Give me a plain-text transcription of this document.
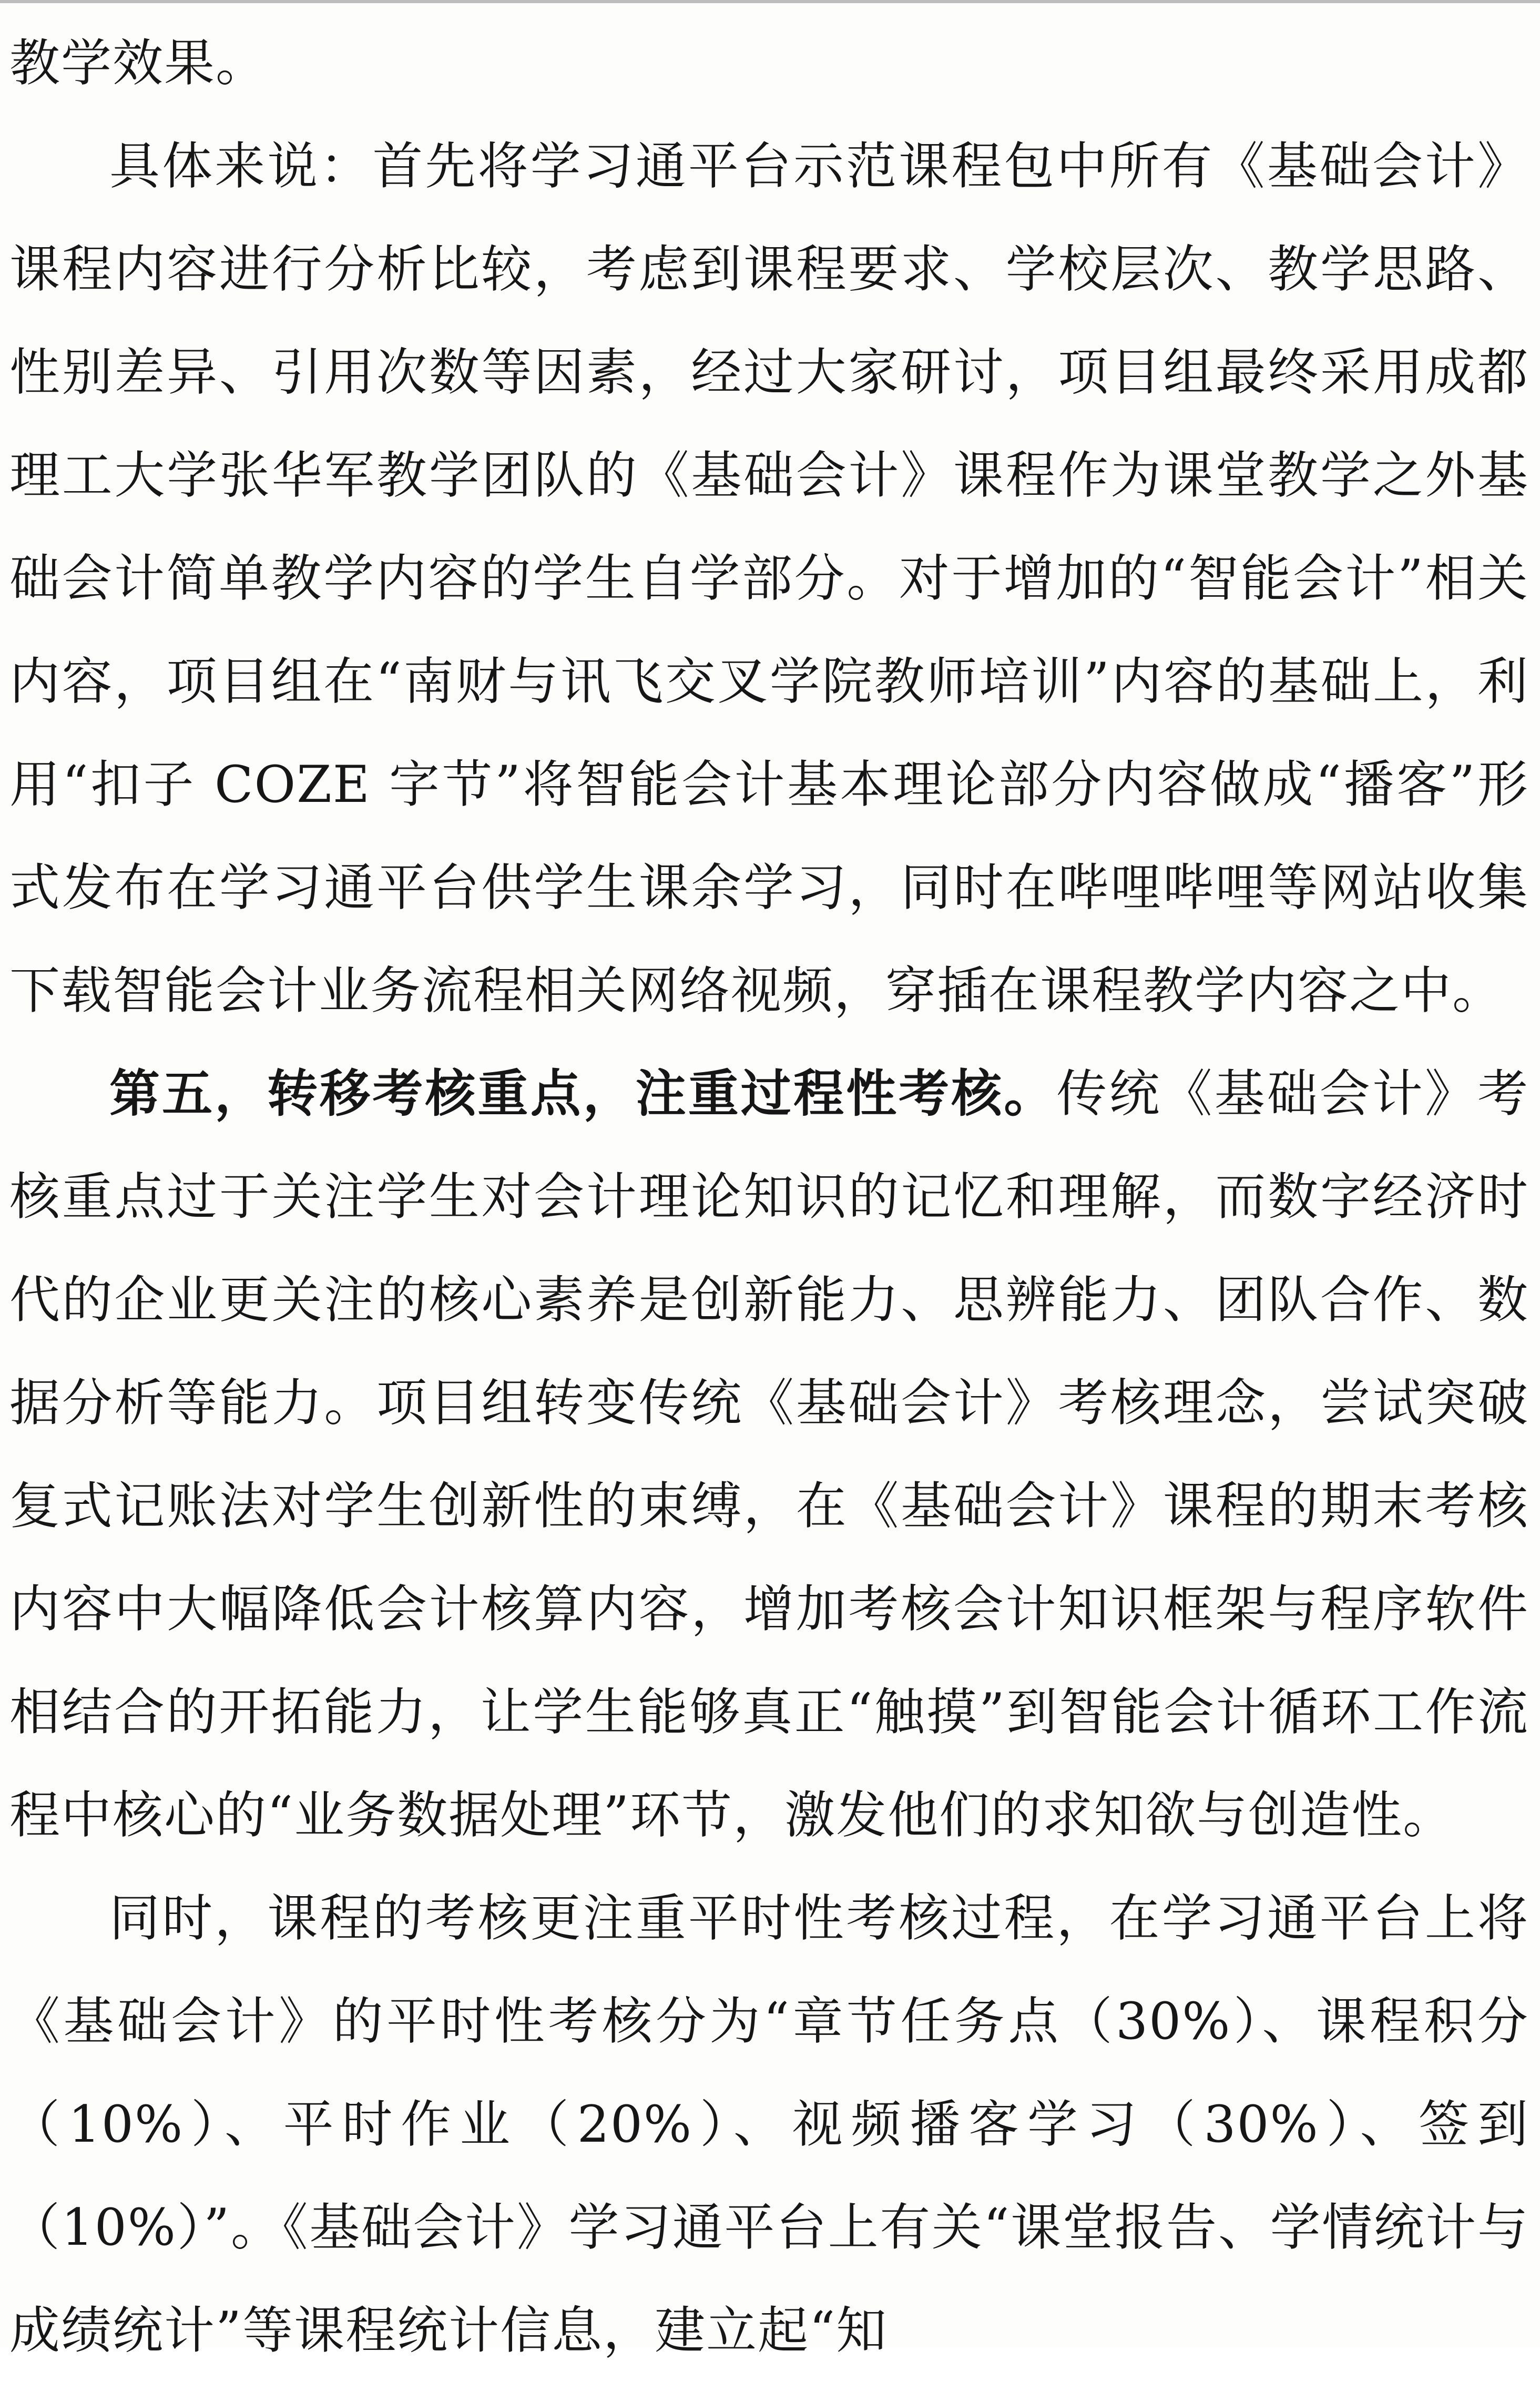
教学效果。

具体来说：首先将学习通平台示范课程包中所有《基础会计》课程内容进行分析比较，考虑到课程要求、学校层次、教学思路、性别差异、引用次数等因素，经过大家研讨，项目组最终采用成都理工大学张华军教学团队的《基础会计》课程作为课堂教学之外基础会计简单教学内容的学生自学部分。对于增加的“智能会计”相关内容，项目组在“南财与讯飞交叉学院教师培训”内容的基础上，利用“扣子 COZE 字节”将智能会计基本理论部分内容做成“播客”形式发布在学习通平台供学生课余学习，同时在哔哩哔哩等网站收集下载智能会计业务流程相关网络视频，穿插在课程教学内容之中。

第五，转移考核重点，注重过程性考核。传统《基础会计》考核重点过于关注学生对会计理论知识的记忆和理解，而数字经济时代的企业更关注的核心素养是创新能力、思辨能力、团队合作、数据分析等能力。项目组转变传统《基础会计》考核理念，尝试突破复式记账法对学生创新性的束缚，在《基础会计》课程的期末考核内容中大幅降低会计核算内容，增加考核会计知识框架与程序软件相结合的开拓能力，让学生能够真正“触摸”到智能会计循环工作流程中核心的“业务数据处理”环节，激发他们的求知欲与创造性。

同时，课程的考核更注重平时性考核过程，在学习通平台上将《基础会计》的平时性考核分为“章节任务点（30%）、课程积分（10%）、平时作业（20%）、视频播客学习（30%）、签到（10%）”。《基础会计》学习通平台上有关“课堂报告、学情统计与成绩统计”等课程统计信息，建立起“知
